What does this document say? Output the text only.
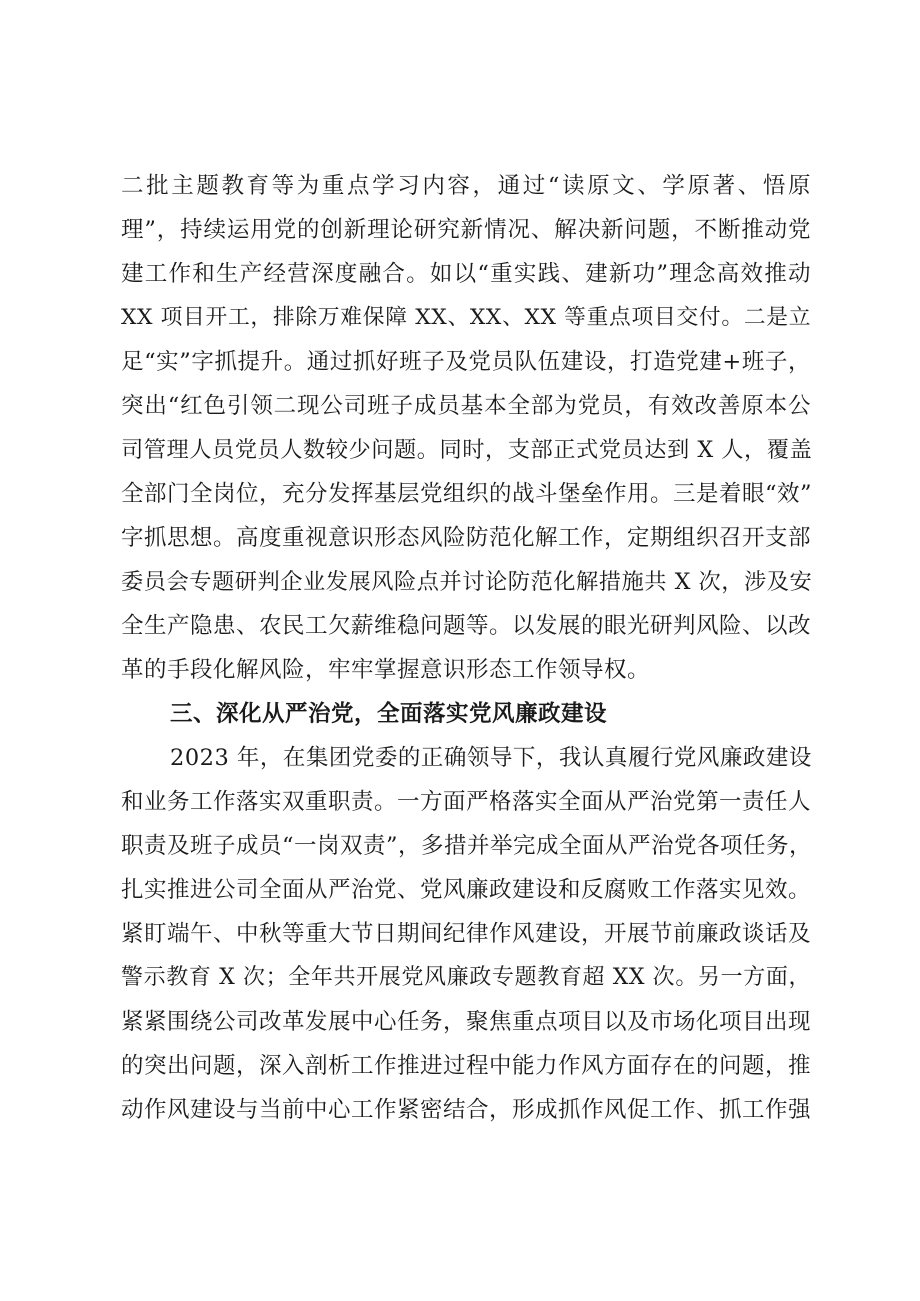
二批主题教育等为重点学习内容，通过“读原文、学原著、悟原
理”，持续运用党的创新理论研究新情况、解决新问题，不断推动党
建工作和生产经营深度融合。如以“重实践、建新功”理念高效推动
XX 项目开工，排除万难保障 XX、XX、XX 等重点项目交付。二是立
足“实”字抓提升。通过抓好班子及党员队伍建设，打造党建+班子，
突出“红色引领二现公司班子成员基本全部为党员，有效改善原本公
司管理人员党员人数较少问题。同时，支部正式党员达到 X 人，覆盖
全部门全岗位，充分发挥基层党组织的战斗堡垒作用。三是着眼“效”
字抓思想。高度重视意识形态风险防范化解工作，定期组织召开支部
委员会专题研判企业发展风险点并讨论防范化解措施共 X 次，涉及安
全生产隐患、农民工欠薪维稳问题等。以发展的眼光研判风险、以改
革的手段化解风险，牢牢掌握意识形态工作领导权。
三、深化从严治党，全面落实党风廉政建设
2023 年，在集团党委的正确领导下，我认真履行党风廉政建设
和业务工作落实双重职责。一方面严格落实全面从严治党第一责任人
职责及班子成员“一岗双责”，多措并举完成全面从严治党各项任务，
扎实推进公司全面从严治党、党风廉政建设和反腐败工作落实见效。
紧盯端午、中秋等重大节日期间纪律作风建设，开展节前廉政谈话及
警示教育 X 次；全年共开展党风廉政专题教育超 XX 次。另一方面，
紧紧围绕公司改革发展中心任务，聚焦重点项目以及市场化项目出现
的突出问题，深入剖析工作推进过程中能力作风方面存在的问题，推
动作风建设与当前中心工作紧密结合，形成抓作风促工作、抓工作强
